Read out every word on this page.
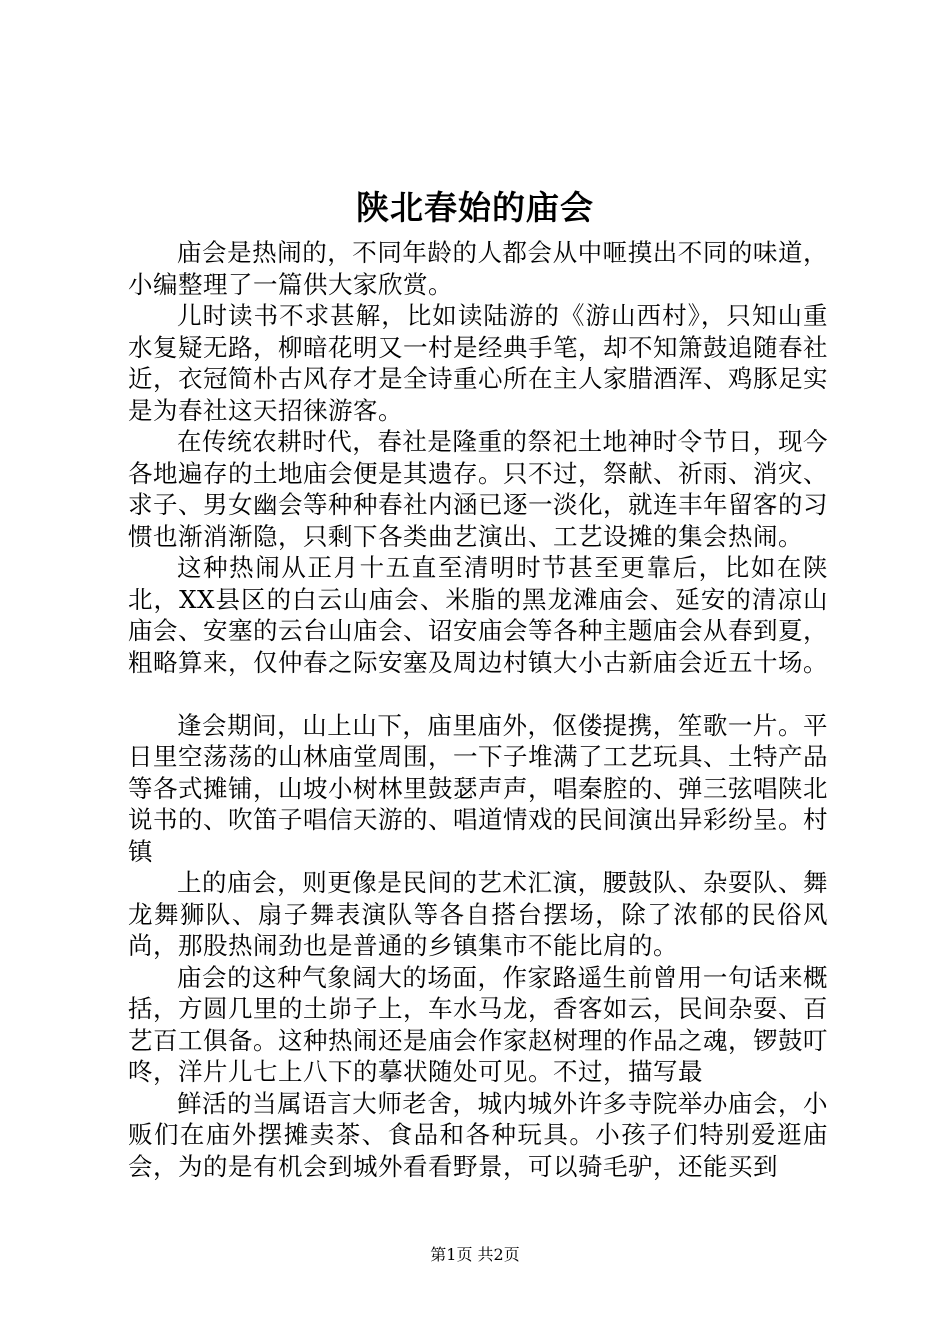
陕北春始的庙会

庙会是热闹的，不同年龄的人都会从中咂摸出不同的味道，小编整理了一篇供大家欣赏。

儿时读书不求甚解，比如读陆游的《游山西村》，只知山重水复疑无路，柳暗花明又一村是经典手笔，却不知箫鼓追随春社近，衣冠简朴古风存才是全诗重心所在主人家腊酒浑、鸡豚足实是为春社这天招徕游客。

在传统农耕时代，春社是隆重的祭祀土地神时令节日，现今各地遍存的土地庙会便是其遗存。只不过，祭献、祈雨、消灾、求子、男女幽会等种种春社内涵已逐一淡化，就连丰年留客的习惯也渐消渐隐，只剩下各类曲艺演出、工艺设摊的集会热闹。

这种热闹从正月十五直至清明时节甚至更靠后，比如在陕北，XX县区的白云山庙会、米脂的黑龙滩庙会、延安的清凉山庙会、安塞的云台山庙会、诏安庙会等各种主题庙会从春到夏，粗略算来，仅仲春之际安塞及周边村镇大小古新庙会近五十场。

逢会期间，山上山下，庙里庙外，伛偻提携，笙歌一片。平日里空荡荡的山林庙堂周围，一下子堆满了工艺玩具、土特产品等各式摊铺，山坡小树林里鼓瑟声声，唱秦腔的、弹三弦唱陕北说书的、吹笛子唱信天游的、唱道情戏的民间演出异彩纷呈。村镇

上的庙会，则更像是民间的艺术汇演，腰鼓队、杂耍队、舞龙舞狮队、扇子舞表演队等各自搭台摆场，除了浓郁的民俗风尚，那股热闹劲也是普通的乡镇集市不能比肩的。

庙会的这种气象阔大的场面，作家路遥生前曾用一句话来概括，方圆几里的土峁子上，车水马龙，香客如云，民间杂耍、百艺百工俱备。这种热闹还是庙会作家赵树理的作品之魂，锣鼓叮咚，洋片儿七上八下的摹状随处可见。不过，描写最

鲜活的当属语言大师老舍，城内城外许多寺院举办庙会，小贩们在庙外摆摊卖茶、食品和各种玩具。小孩子们特别爱逛庙会，为的是有机会到城外看看野景，可以骑毛驴，还能买到

第1页 共2页
